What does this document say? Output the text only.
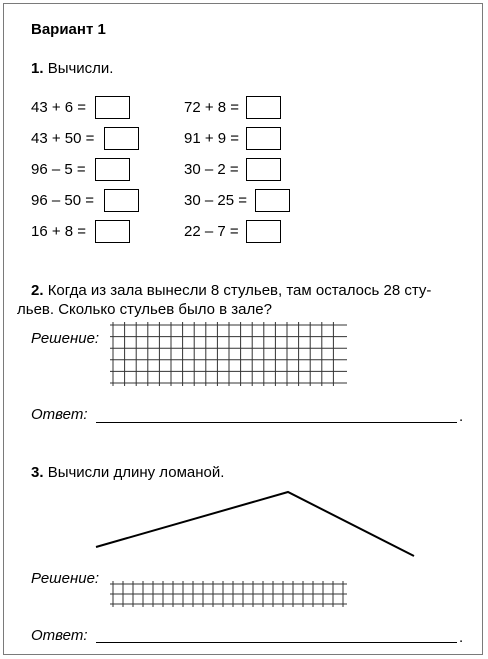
Вариант 1
1. Вычисли.
43 + 6 =
43 + 50 =
96 – 5 =
96 – 50 =
16 + 8 =
72 + 8 =
91 + 9 =
30 – 2 =
30 – 25 =
22 – 7 =
2. Когда из зала вынесли 8 стульев, там осталось 28 сту-
льев. Сколько стульев было в зале?
Решение:
Ответ:	.
3. Вычисли длину ломаной.
Решение:
Ответ:	.
